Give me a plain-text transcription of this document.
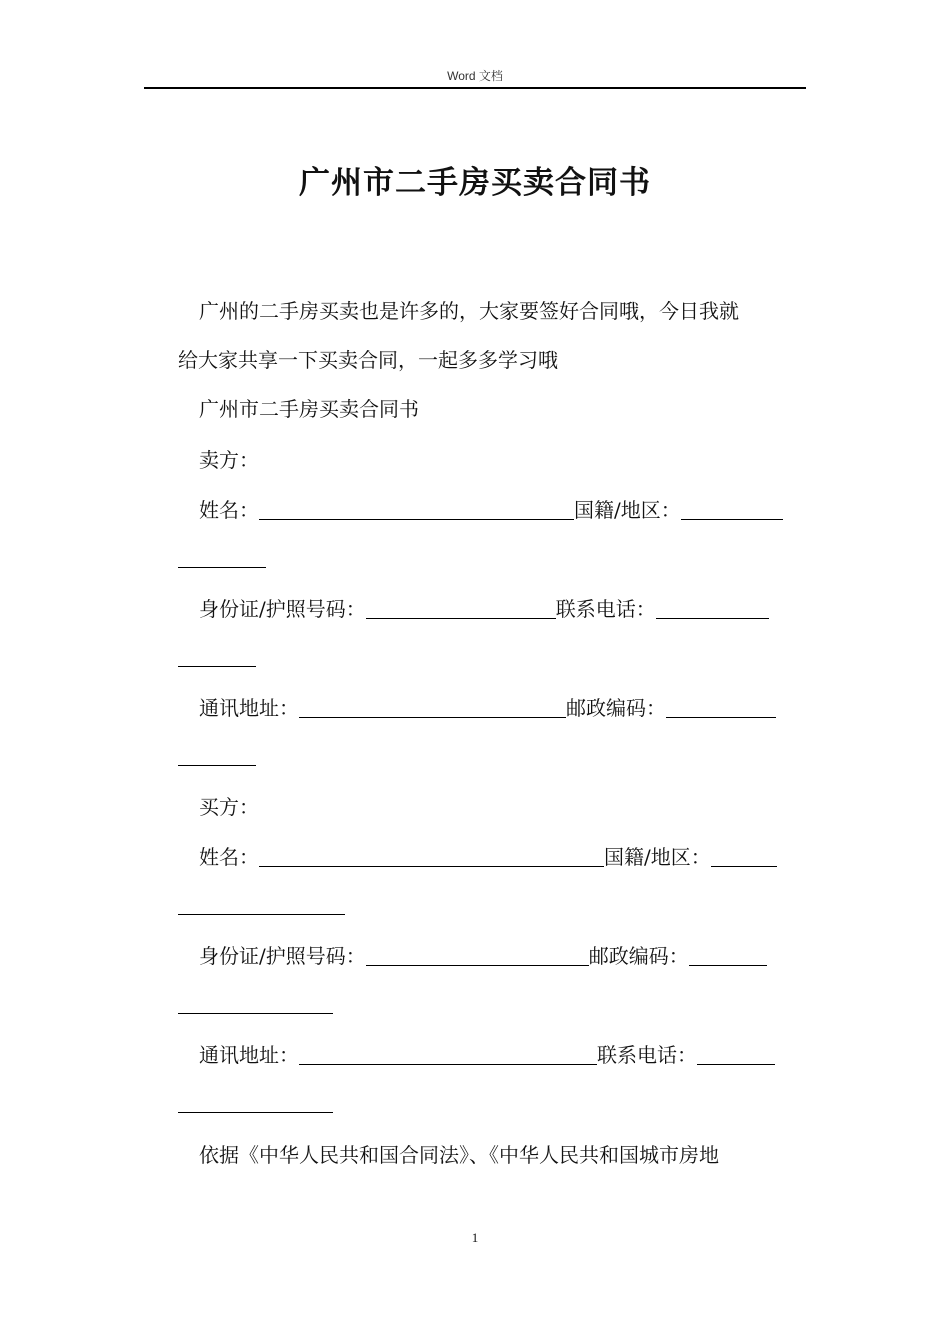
Word 文档
广州市二手房买卖合同书
广州的二手房买卖也是许多的，大家要签好合同哦，今日我就
给大家共享一下买卖合同，一起多多学习哦
广州市二手房买卖合同书
卖方：
姓名：	国籍/地区：
身份证/护照号码：	联系电话：
通讯地址：	邮政编码：
买方：
姓名：	国籍/地区：
身份证/护照号码：	邮政编码：
通讯地址：	联系电话：
依据《中华人民共和国合同法》、《中华人民共和国城市房地
1
